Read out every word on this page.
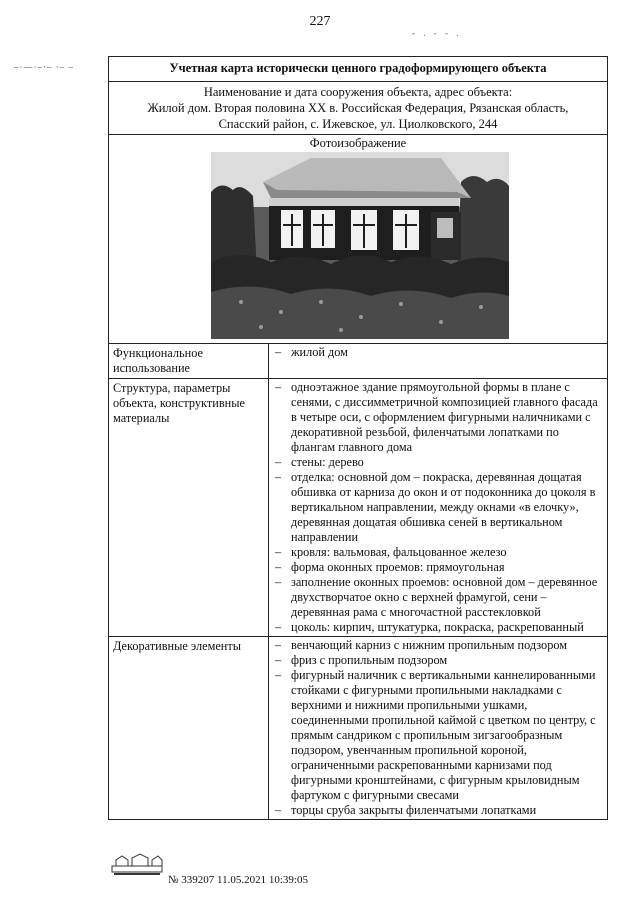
227
- . - - .
–·—·–·– ·– –	Учетная карта исторически ценного градоформирующего объекта
Наименование и дата сооружения объекта, адрес объекта:
Жилой дом. Вторая половина XX в. Российская Федерация, Рязанская область,
Спасский район, с. Ижевское, ул. Циолковского, 244
Фотоизображение
Функциональное использование
– жилой дом
Структура, параметры объекта, конструктивные материалы
– одноэтажное здание прямоугольной формы в плане с сенями, с диссимметричной композицией главного фасада в четыре оси, с оформлением фигурными наличниками с декоративной резьбой, филенчатыми лопатками по флангам главного дома
– стены: дерево
– отделка: основной дом – покраска, деревянная дощатая обшивка от карниза до окон и от подоконника до цоколя в вертикальном направлении, между окнами «в елочку», деревянная дощатая обшивка сеней в вертикальном направлении
– кровля: вальмовая, фальцованное железо
– форма оконных проемов: прямоугольная
– заполнение оконных проемов: основной дом – деревянное двухстворчатое окно с верхней фрамугой, сени – деревянная рама с многочастной расстекловкой
– цоколь: кирпич, штукатурка, покраска, раскрепованный
Декоративные элементы
–	венчающий карниз с нижним пропильным подзором
– фриз с пропильным подзором
– фигурный наличник с вертикальными каннелированными стойками с фигурными пропильными накладками с верхними и нижними пропильными ушками, соединенными пропильной каймой с цветком по центру, с прямым сандриком с пропильным зигзагообразным подзором, увенчанным пропильной короной, ограниченными раскрепованными карнизами под фигурными кронштейнами, с фигурным крыловидным фартуком с фигурными свесами
– торцы сруба закрыты филенчатыми лопатками
№ 339207 11.05.2021 10:39:05
